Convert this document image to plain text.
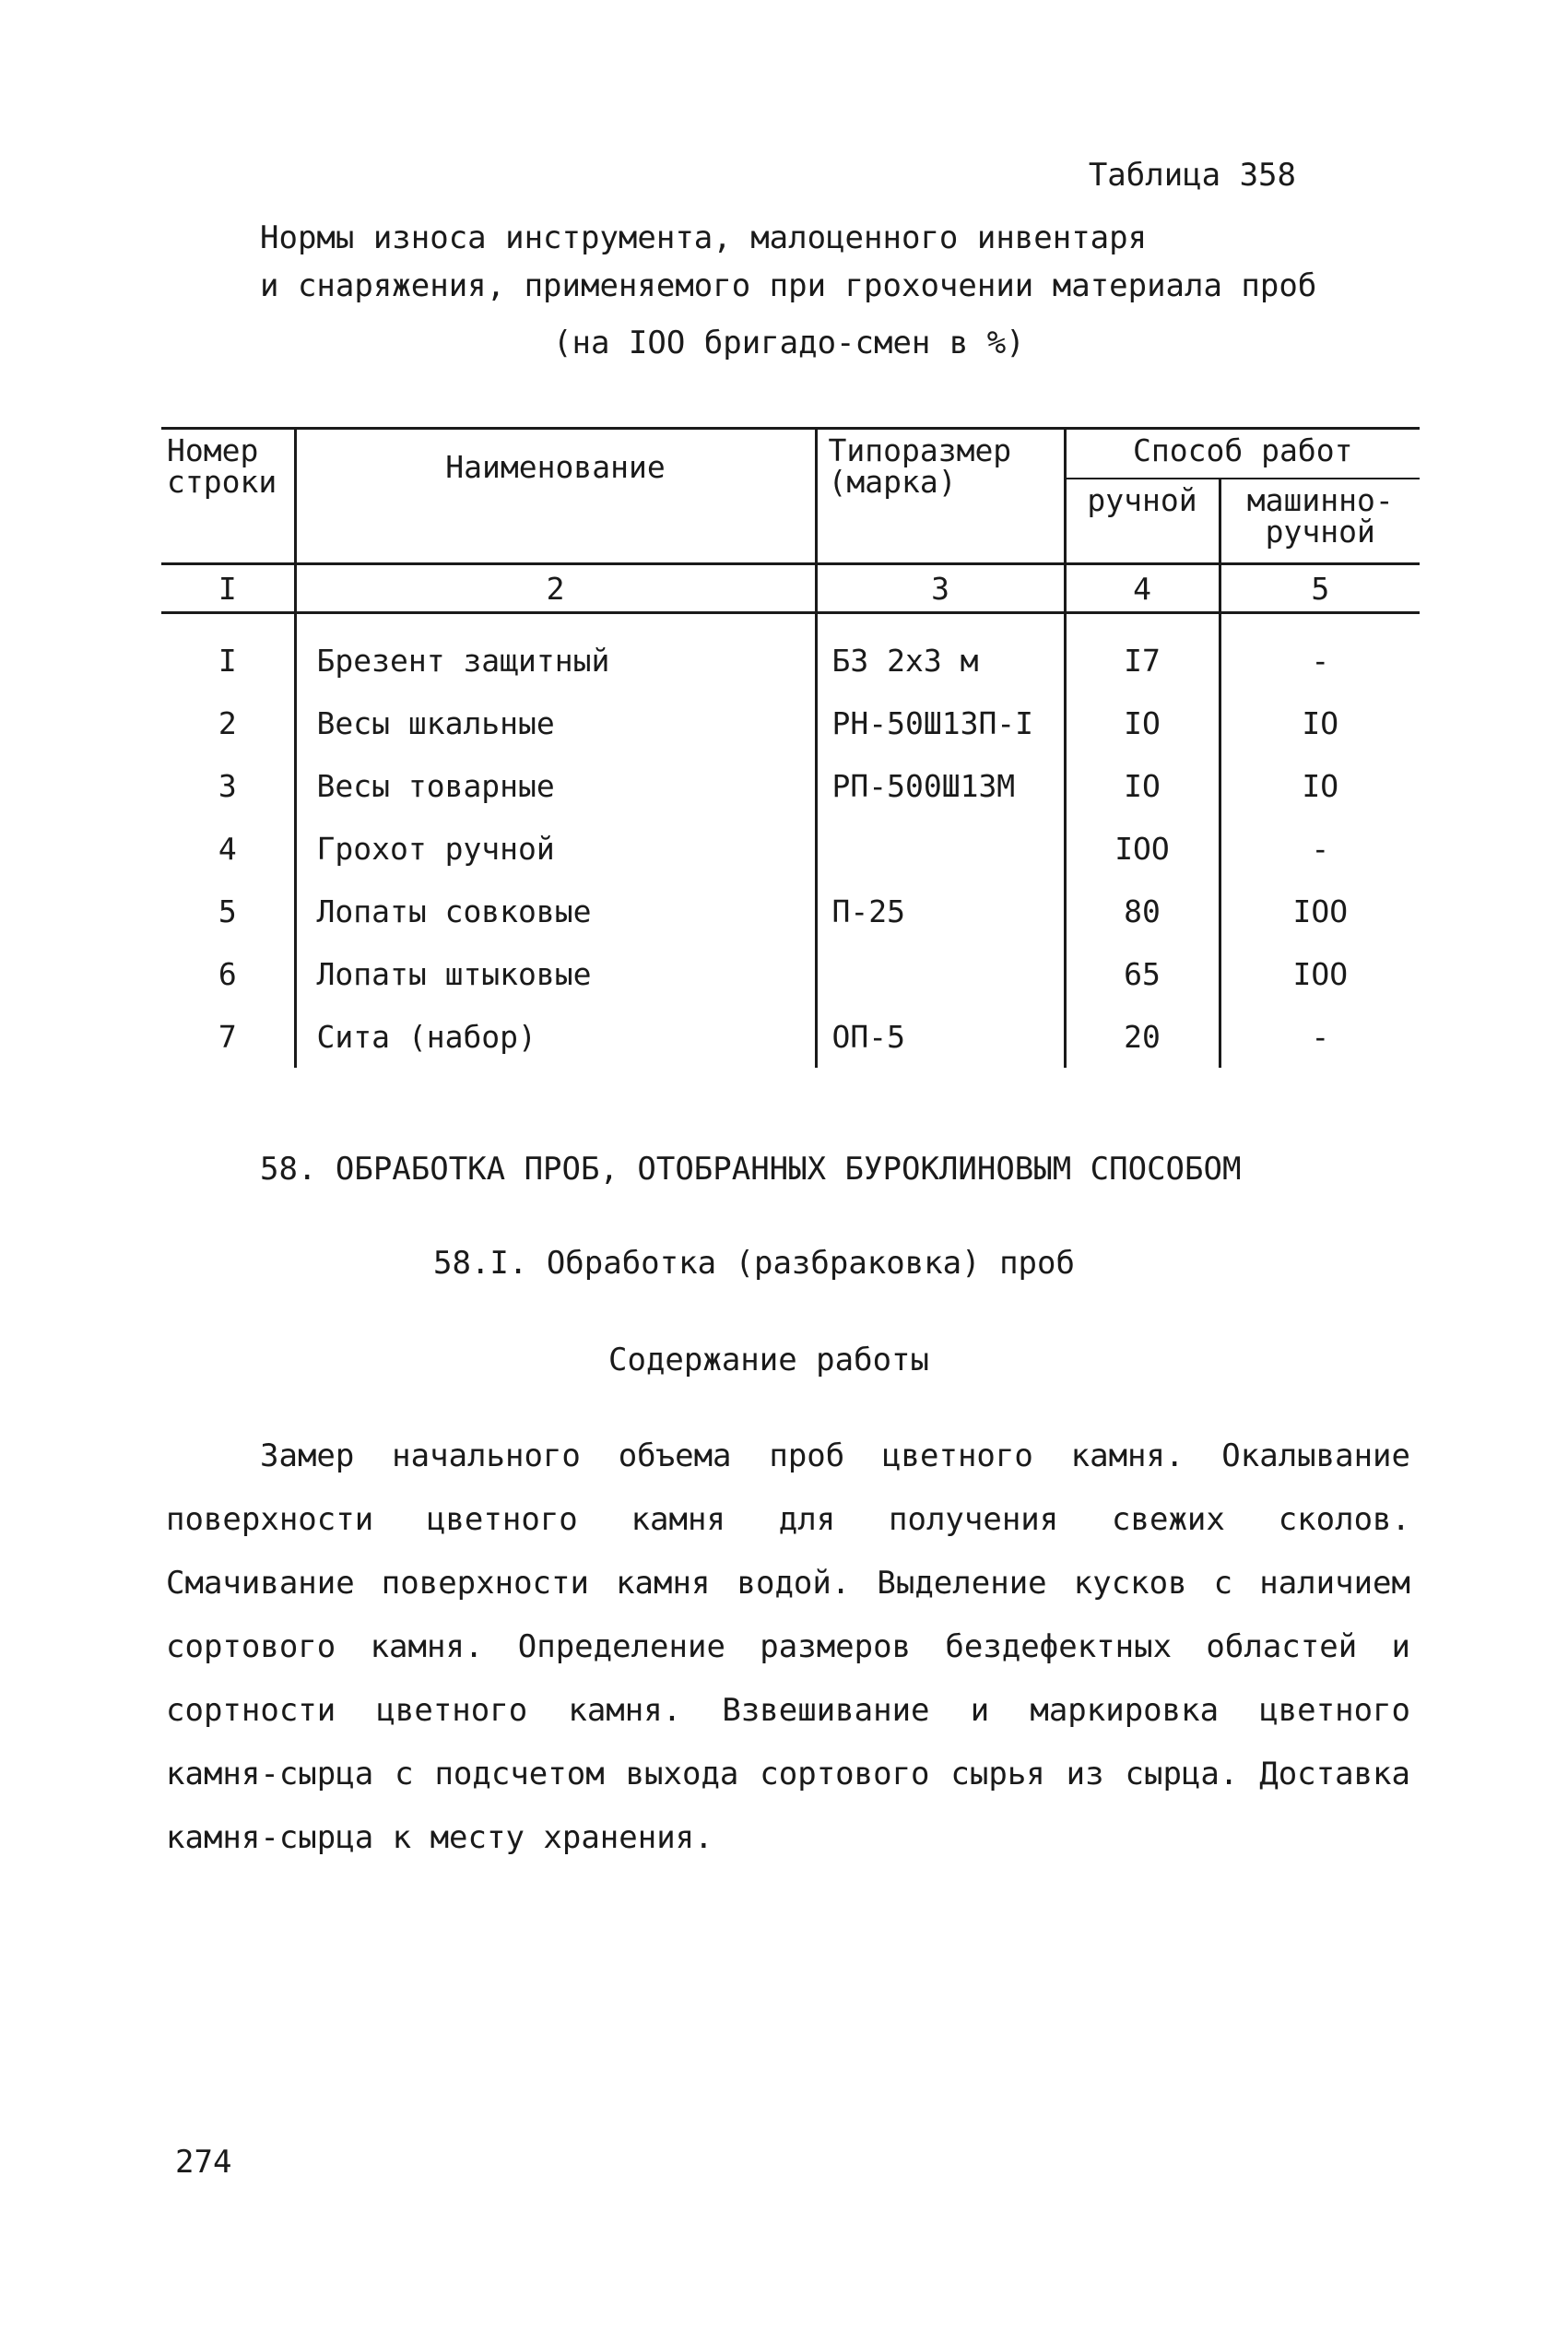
Таблица 358
Нормы износа инструмента, малоценного инвентаря
и снаряжения, применяемого при грохочении материала проб
(на IOO бригадо-смен в %)
Номер строки	Наименование	Типоразмер (марка)	Способ работ	
			ручной	машинно-ручной
I	2	3	4	5
I	Брезент защитный	БЗ 2х3 м	I7	-
2	Весы шкальные	РН-50Ш13П-I	IO	IO
3	Весы товарные	РП-500Ш13М	IO	IO
4	Грохот ручной		IOO	-
5	Лопаты совковые	П-25	80	IOO
6	Лопаты штыковые		65	IOO
7	Сита (набор)	ОП-5	20	-
58. ОБРАБОТКА ПРОБ, ОТОБРАННЫХ БУРОКЛИНОВЫМ СПОСОБОМ
58.I. Обработка (разбраковка) проб
Содержание работы
Замер начального объема проб цветного камня. Окалывание поверхности цветного камня для получения свежих сколов. Смачивание поверхности камня водой. Выделение кусков с наличием сортового камня. Определение размеров бездефектных областей и сортности цветного камня. Взвешивание и маркировка цветного камня-сырца с подсчетом выхода сортового сырья из сырца. Доставка камня-сырца к месту хранения.
274
